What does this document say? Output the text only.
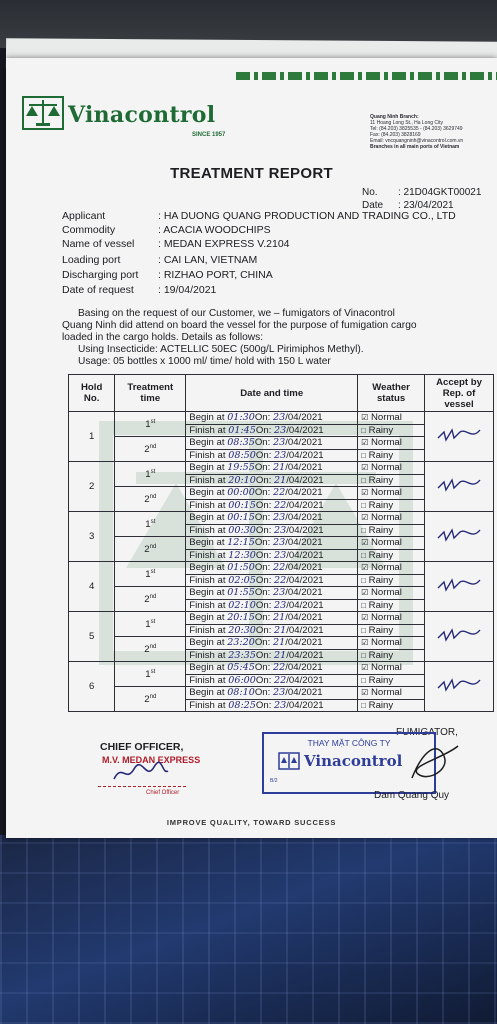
Vinacontrol
SINCE 1957
Quang Ninh Branch:
11 Hoang Long St., Ha Long City
Tel: (84.203) 3825535 - (84.203) 3629749
Fax: (84.203) 3828169
Email: vncquangninh@vinacontrol.com.vn
Branches in all main ports of Vietnam
TREATMENT REPORT
No. : 21D04GKT00021
Date : 23/04/2021
Applicant	: HA DUONG QUANG PRODUCTION AND TRADING CO., LTD
Commodity	: ACACIA WOODCHIPS
Name of vessel	: MEDAN EXPRESS V.2104
Loading port	: CAI LAN, VIETNAM
Discharging port	: RIZHAO PORT, CHINA
Date of request	: 19/04/2021
Basing on the request of our Customer, we – fumigators of Vinacontrol
Quang Ninh did attend on board the vessel for the purpose of fumigation cargo
loaded in the cargo holds. Details as follows:
Using Insecticide: ACTELLIC 50EC (500g/L Pirimiphos Methyl).
Usage: 05 bottles x 1000 ml/ time/ hold with 150 L water
Hold No.	Treatment time	Date and time	Weather status	Accept by Rep. of vessel
1	1st	Begin at 01:30On: 23/04/2021	☑ Normal	
		Finish at 01:45On: 23/04/2021	□ Rainy	
	2nd	Begin at 08:35On: 23/04/2021	☑ Normal	
		Finish at 08:50On: 23/04/2021	□ Rainy	
2	1st	Begin at 19:55On: 21/04/2021	☑ Normal	
		Finish at 20:10On: 21/04/2021	□ Rainy	
	2nd	Begin at 00:00On: 22/04/2021	☑ Normal	
		Finish at 00:15On: 22/04/2021	□ Rainy	
3	1st	Begin at 00:15On: 23/04/2021	☑ Normal	
		Finish at 00:30On: 23/04/2021	□ Rainy	
	2nd	Begin at 12:15On: 23/04/2021	☑ Normal	
		Finish at 12:30On: 23/04/2021	□ Rainy	
4	1st	Begin at 01:50On: 22/04/2021	☑ Normal	
		Finish at 02:05On: 22/04/2021	□ Rainy	
	2nd	Begin at 01:55On: 23/04/2021	☑ Normal	
		Finish at 02:10On: 23/04/2021	□ Rainy	
5	1st	Begin at 20:15On: 21/04/2021	☑ Normal	
		Finish at 20:30On: 21/04/2021	□ Rainy	
	2nd	Begin at 23:20On: 21/04/2021	☑ Normal	
		Finish at 23:35On: 21/04/2021	□ Rainy	
6	1st	Begin at 05:45On: 22/04/2021	☑ Normal	
		Finish at 06:00On: 22/04/2021	□ Rainy	
	2nd	Begin at 08:10On: 23/04/2021	☑ Normal	
		Finish at 08:25On: 23/04/2021	□ Rainy	
CHIEF OFFICER,
M.V. MEDAN EXPRESS
Chief Officer
FUMIGATOR,
THAY MẶT CÔNG TY
Vinacontrol
B/2
Dam Quang Quy
IMPROVE QUALITY, TOWARD SUCCESS
